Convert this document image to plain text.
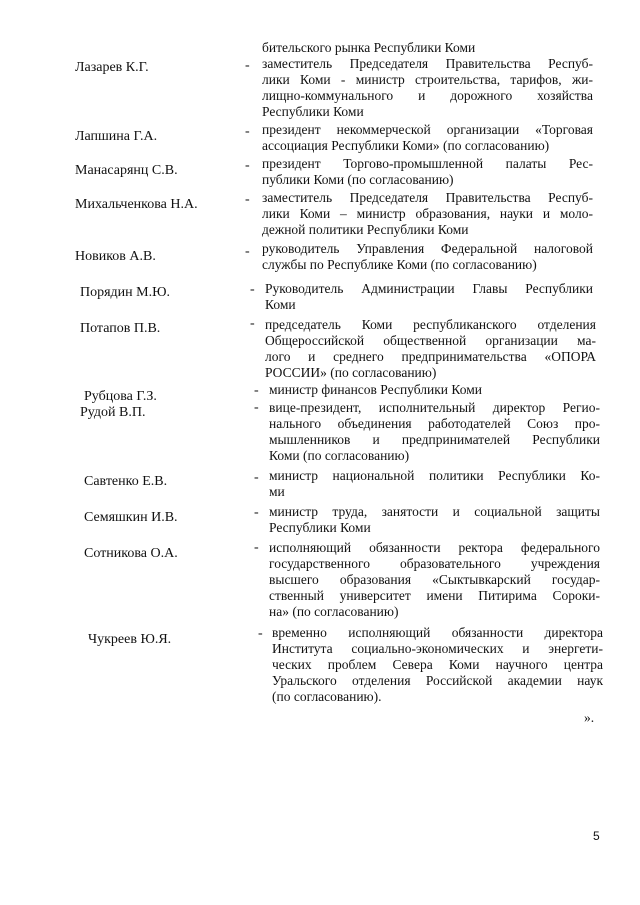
бительского рынка Республики Коми
Лазарев К.Г.	- заместитель Председателя Правительства Респуб-
лики Коми - министр строительства, тарифов, жи-
лищно-коммунального и дорожного хозяйства
Республики Коми
Лапшина Г.А.	- президент некоммерческой организации «Торговая
ассоциация Республики Коми» (по согласованию)
Манасарянц С.В.	- президент Торгово-промышленной палаты Рес-
публики Коми (по согласованию)
Михальченкова Н.А.	- заместитель Председателя Правительства Респуб-
лики Коми – министр образования, науки и моло-
дежной политики Республики Коми
Новиков А.В.	- руководитель Управления Федеральной налоговой
службы по Республике Коми (по согласованию)
Порядин М.Ю.	- Руководитель Администрации Главы Республики
Коми
Потапов П.В.	- председатель Коми республиканского отделения
Общероссийской общественной организации ма-
лого и среднего предпринимательства «ОПОРА
РОССИИ» (по согласованию)
Рубцова Г.З.	- министр финансов Республики Коми
Рудой В.П.	- вице-президент, исполнительный директор Регио-
нального объединения работодателей Союз про-
мышленников и предпринимателей Республики
Коми (по согласованию)
Савтенко Е.В.	- министр национальной политики Республики Ко-
ми
Семяшкин И.В.	- министр труда, занятости и социальной защиты
Республики Коми
Сотникова О.А.	- исполняющий обязанности ректора федерального
государственного образовательного учреждения
высшего образования «Сыктывкарский государ-
ственный университет имени Питирима Сороки-
на» (по согласованию)
Чукреев Ю.Я.	- временно исполняющий обязанности директора
Института социально-экономических и энергети-
ческих проблем Севера Коми научного центра
Уральского отделения Российской академии наук
(по согласованию).
».
5
